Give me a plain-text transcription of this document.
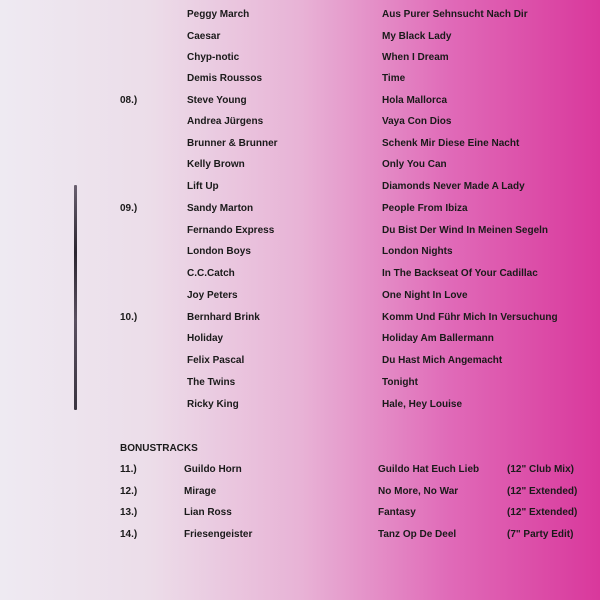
Peggy March	Aus Purer Sehnsucht Nach Dir
Caesar	My Black Lady
Chyp-notic	When I Dream
Demis Roussos	Time
08.)	Steve Young	Hola Mallorca
Andrea Jürgens	Vaya Con Dios
Brunner & Brunner	Schenk Mir Diese Eine Nacht
Kelly Brown	Only You Can
Lift Up	Diamonds Never Made A Lady
09.)	Sandy Marton	People From Ibiza
Fernando Express	Du Bist Der Wind In Meinen Segeln
London Boys	London Nights
C.C.Catch	In The Backseat Of Your Cadillac
Joy Peters	One Night In Love
10.)	Bernhard Brink	Komm Und Führ Mich In Versuchung
Holiday	Holiday Am Ballermann
Felix Pascal	Du Hast Mich Angemacht
The Twins	Tonight
Ricky King	Hale, Hey Louise
BONUSTRACKS
11.)	Guildo Horn	Guildo Hat Euch Lieb	(12" Club Mix)
12.)	Mirage	No More, No War	(12" Extended)
13.)	Lian Ross	Fantasy	(12" Extended)
14.)	Friesengeister	Tanz Op De Deel	(7" Party Edit)
